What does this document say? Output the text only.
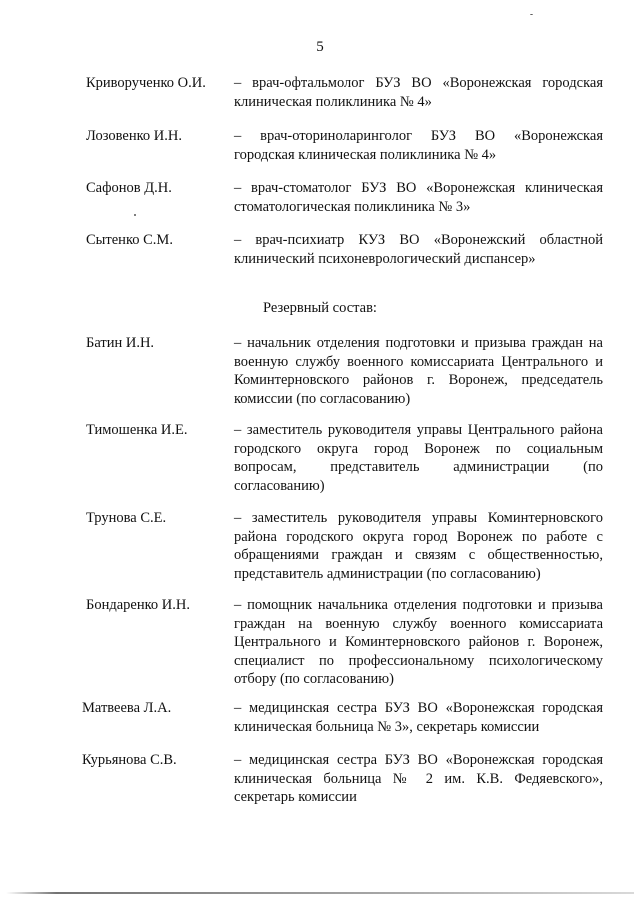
5
Криворученко О.И.	– врач-офтальмолог БУЗ ВО «Воронежская городская клиническая поликлиника № 4»
Лозовенко И.Н.	– врач-оториноларинголог БУЗ ВО «Воронежская городская клиническая поликлиника № 4»
Сафонов Д.Н.	– врач-стоматолог БУЗ ВО «Воронежская клиническая стоматологическая поликлиника № 3»
Сытенко С.М.	– врач-психиатр КУЗ ВО «Воронежский областной клинический психоневрологический диспансер»
Резервный состав:
Батин И.Н.	– начальник отделения подготовки и призыва граждан на военную службу военного комиссариата Центрального и Коминтерновского районов г. Воронеж, председатель комиссии (по согласованию)
Тимошенка И.Е.	– заместитель руководителя управы Центрального района городского округа город Воронеж по социальным вопросам, представитель администрации (по согласованию)
Трунова С.Е.	– заместитель руководителя управы Коминтерновского района городского округа город Воронеж по работе с обращениями граждан и связям с общественностью, представитель администрации (по согласованию)
Бондаренко И.Н.	– помощник начальника отделения подготовки и призыва граждан на военную службу военного комиссариата Центрального и Коминтерновского районов г. Воронеж, специалист по профессиональному психологическому отбору (по согласованию)
Матвеева Л.А.	– медицинская сестра БУЗ ВО «Воронежская городская клиническая больница № 3», секретарь комиссии
Курьянова С.В.	– медицинская сестра БУЗ ВО «Воронежская городская клиническая больница № 2 им. К.В. Федяевского», секретарь комиссии
